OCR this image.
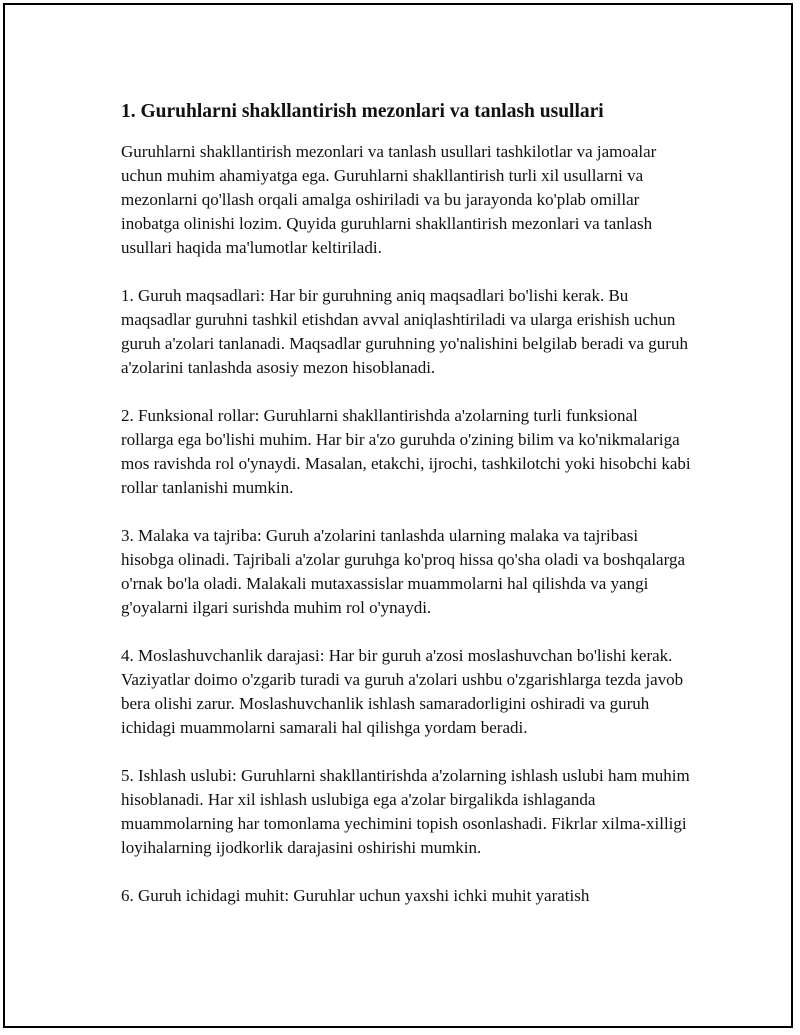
1. Guruhlarni shakllantirish mezonlari va tanlash usullari

Guruhlarni shakllantirish mezonlari va tanlash usullari tashkilotlar va jamoalar uchun muhim ahamiyatga ega. Guruhlarni shakllantirish turli xil usullarni va mezonlarni qo'llash orqali amalga oshiriladi va bu jarayonda ko'plab omillar inobatga olinishi lozim. Quyida guruhlarni shakllantirish mezonlari va tanlash usullari haqida ma'lumotlar keltiriladi.

1. Guruh maqsadlari: Har bir guruhning aniq maqsadlari bo'lishi kerak. Bu maqsadlar guruhni tashkil etishdan avval aniqlashtiriladi va ularga erishish uchun guruh a'zolari tanlanadi. Maqsadlar guruhning yo'nalishini belgilab beradi va guruh a'zolarini tanlashda asosiy mezon hisoblanadi.

2. Funksional rollar: Guruhlarni shakllantirishda a'zolarning turli funksional rollarga ega bo'lishi muhim. Har bir a'zo guruhda o'zining bilim va ko'nikmalariga mos ravishda rol o'ynaydi. Masalan, etakchi, ijrochi, tashkilotchi yoki hisobchi kabi rollar tanlanishi mumkin.

3. Malaka va tajriba: Guruh a'zolarini tanlashda ularning malaka va tajribasi hisobga olinadi. Tajribali a'zolar guruhga ko'proq hissa qo'sha oladi va boshqalarga o'rnak bo'la oladi. Malakali mutaxassislar muammolarni hal qilishda va yangi g'oyalarni ilgari surishda muhim rol o'ynaydi.

4. Moslashuvchanlik darajasi: Har bir guruh a'zosi moslashuvchan bo'lishi kerak. Vaziyatlar doimo o'zgarib turadi va guruh a'zolari ushbu o'zgarishlarga tezda javob bera olishi zarur. Moslashuvchanlik ishlash samaradorligini oshiradi va guruh ichidagi muammolarni samarali hal qilishga yordam beradi.

5. Ishlash uslubi: Guruhlarni shakllantirishda a'zolarning ishlash uslubi ham muhim hisoblanadi. Har xil ishlash uslubiga ega a'zolar birgalikda ishlaganda muammolarning har tomonlama yechimini topish osonlashadi. Fikrlar xilma-xilligi loyihalarning ijodkorlik darajasini oshirishi mumkin.

6. Guruh ichidagi muhit: Guruhlar uchun yaxshi ichki muhit yaratish
